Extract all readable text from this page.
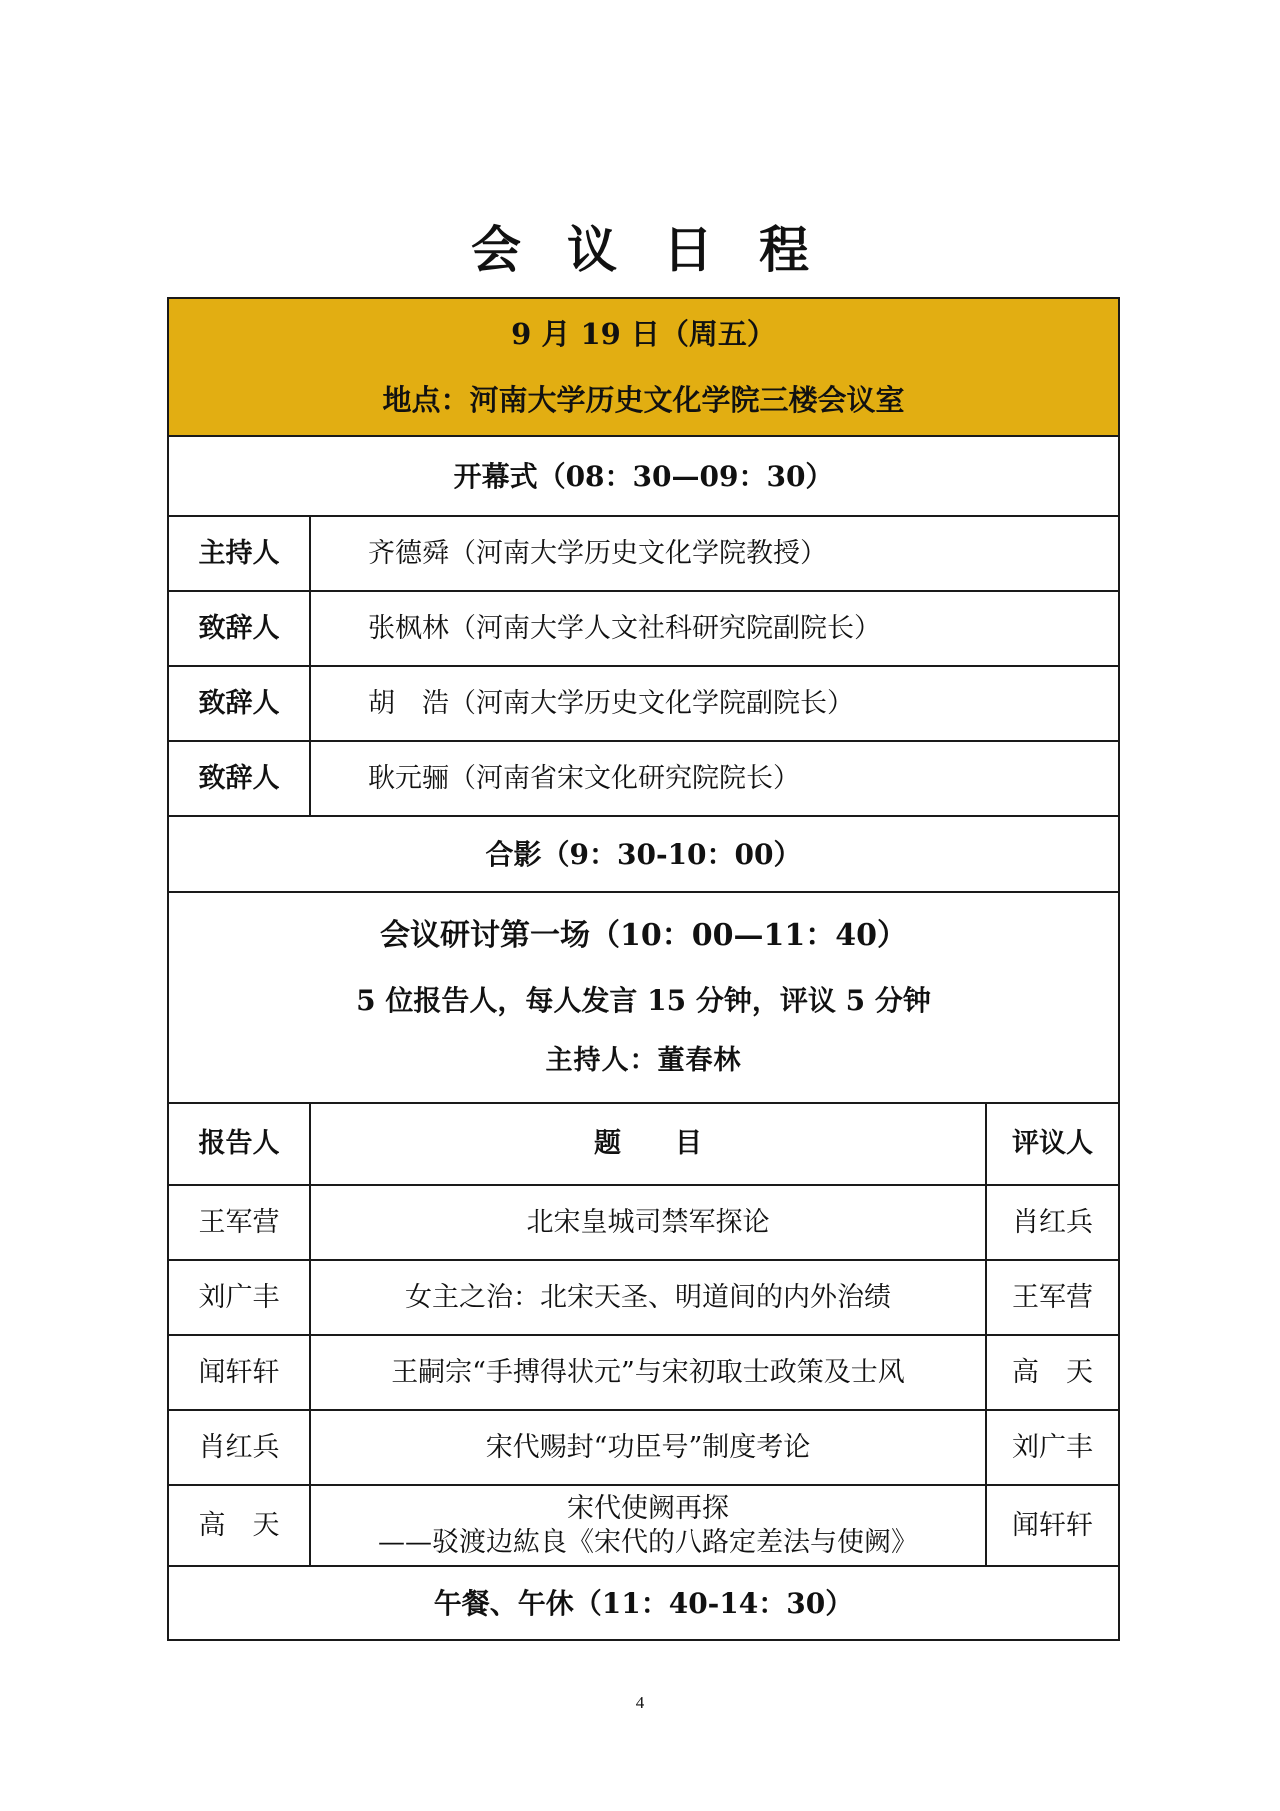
会议日程
9 月 19 日（周五）
地点：河南大学历史文化学院三楼会议室		

开幕式（08：30—09：30）		
主持人	齐德舜（河南大学历史文化学院教授）	
致辞人	张枫林（河南大学人文社科研究院副院长）	
致辞人	胡　浩（河南大学历史文化学院副院长）	
致辞人	耿元骊（河南省宋文化研究院院长）	
合影（9：30-10：00）		

会议研讨第一场（10：00—11：40）
5 位报告人，每人发言 15 分钟，评议 5 分钟
主持人：董春林		

报告人	题　　目	评议人
王军营	北宋皇城司禁军探论	肖红兵
刘广丰	女主之治：北宋天圣、明道间的内外治绩	王军营
闻轩轩	王嗣宗“手搏得状元”与宋初取士政策及士风	高　天
肖红兵	宋代赐封“功臣号”制度考论	刘广丰
高　天	宋代使阙再探
——驳渡边紘良《宋代的八路定差法与使阙》	闻轩轩
午餐、午休（11：40-14：30）		
4
